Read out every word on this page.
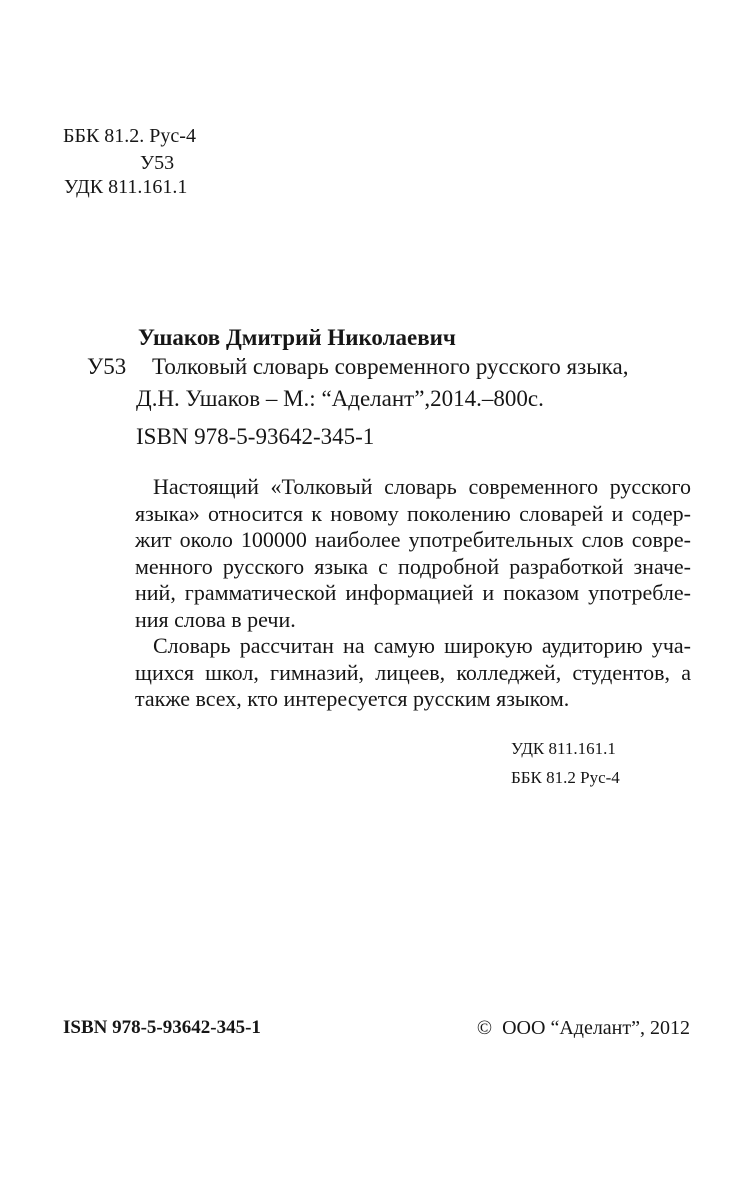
ББК 81.2. Рус-4
У53
УДК 811.161.1
Ушаков Дмитрий Николаевич
У53 Толковый словарь современного русского языка,
Д.Н. Ушаков – М.: “Аделант”,2014.–800с.
ISBN 978-5-93642-345-1
Настоящий «Толковый словарь современного русского
языка» относится к новому поколению словарей и содер-
жит около 100000 наиболее употребительных слов совре-
менного русского языка с подробной разработкой значе-
ний, грамматической информацией и показом употребле-
ния слова в речи.
Словарь рассчитан на самую широкую аудиторию уча-
щихся школ, гимназий, лицеев, колледжей, студентов, а
также всех, кто интересуется русским языком.
УДК 811.161.1
ББК 81.2 Рус-4
ISBN 978-5-93642-345-1	©  ООО “Аделант”, 2012
